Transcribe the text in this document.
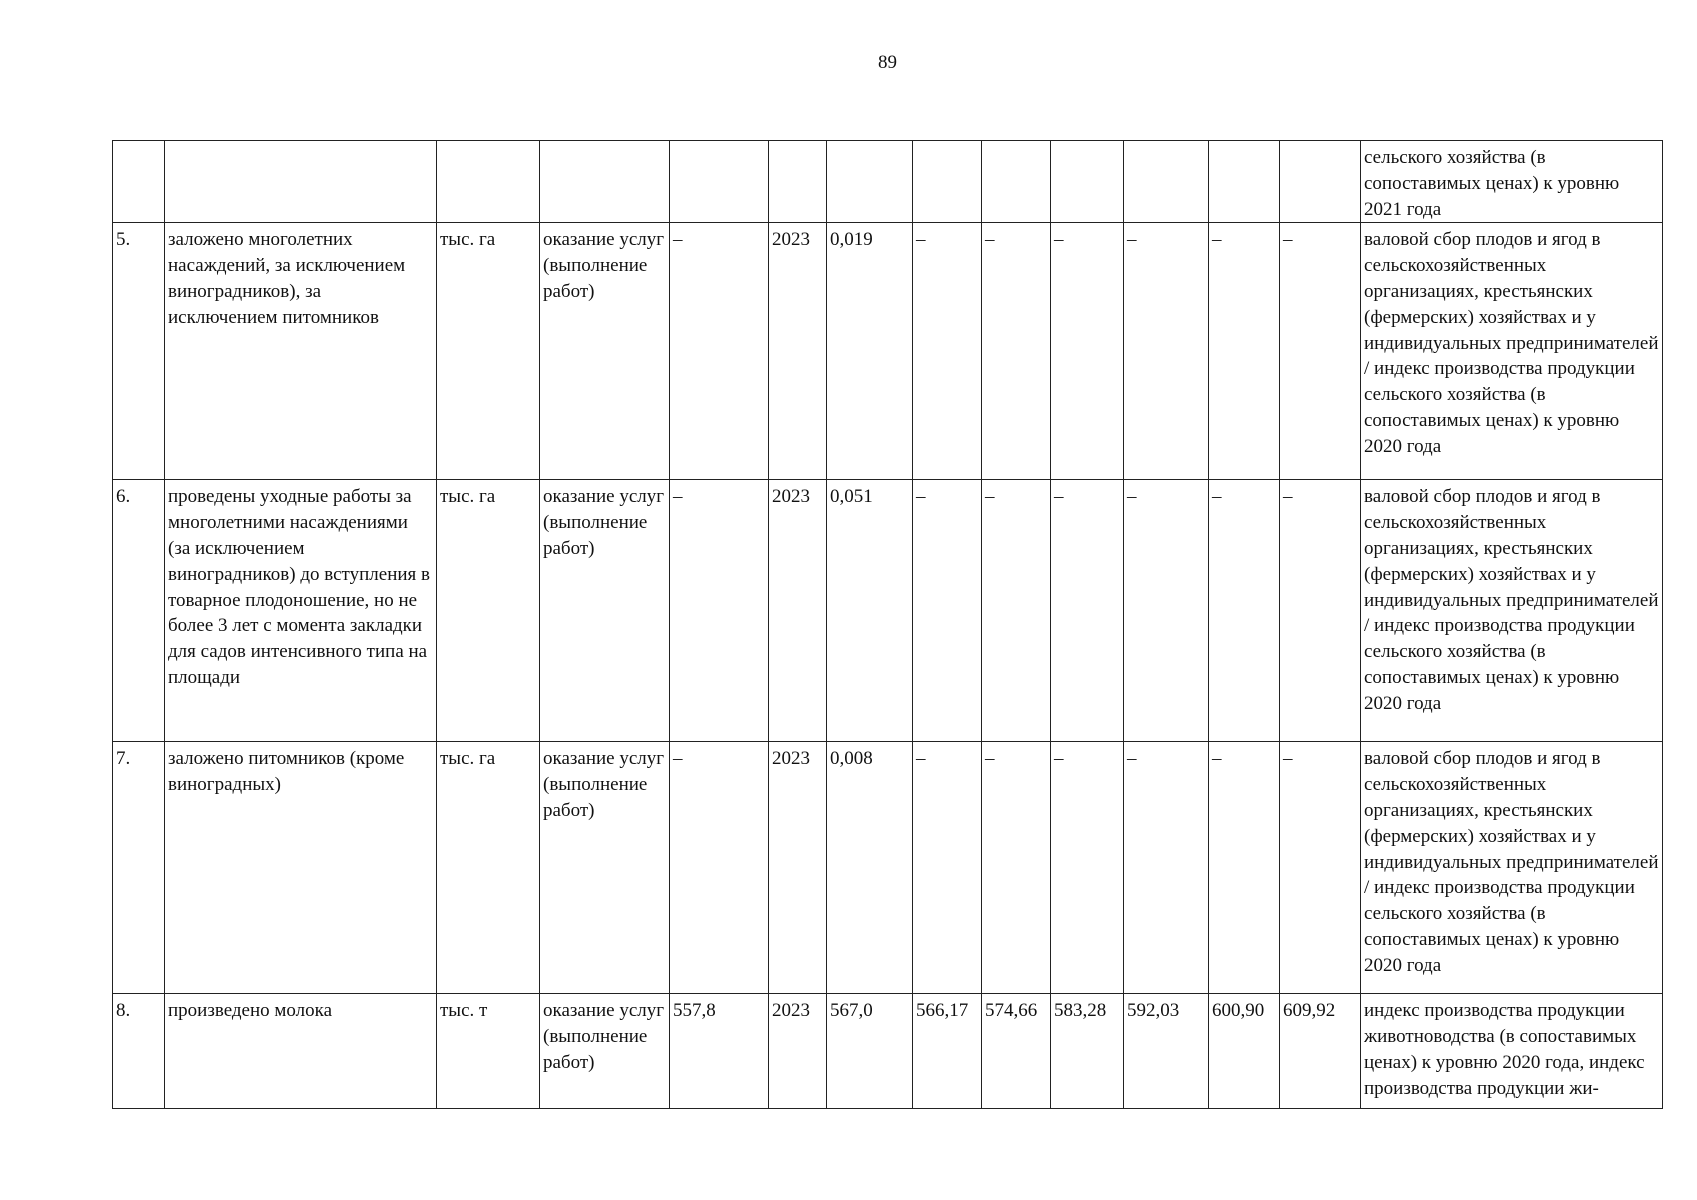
89
													сельского хозяйства (в сопоставимых ценах) к уровню 2021 года
5.	заложено многолетних насаждений, за исключением виноградников), за исключением питомников	тыс. га	оказание услуг (выполнение работ)	–	2023	0,019	–	–	–	–	–	–	валовой сбор плодов и ягод в сельскохозяйственных организациях, крестьянских (фермерских) хозяйствах и у индивидуальных предпринимателей / индекс производства продукции сельского хозяйства (в сопоставимых ценах) к уровню 2020 года
6.	проведены уходные работы за многолетними насаждениями (за исключением виноградников) до вступления в товарное плодоношение, но не более 3 лет с момента закладки для садов интенсивного типа на площади	тыс. га	оказание услуг (выполнение работ)	–	2023	0,051	–	–	–	–	–	–	валовой сбор плодов и ягод в сельскохозяйственных организациях, крестьянских (фермерских) хозяйствах и у индивидуальных предпринимателей / индекс производства продукции сельского хозяйства (в сопоставимых ценах) к уровню 2020 года
7.	заложено питомников (кроме виноградных)	тыс. га	оказание услуг (выполнение работ)	–	2023	0,008	–	–	–	–	–	–	валовой сбор плодов и ягод в сельскохозяйственных организациях, крестьянских (фермерских) хозяйствах и у индивидуальных предпринимателей / индекс производства продукции сельского хозяйства (в сопоставимых ценах) к уровню 2020 года
8.	произведено молока	тыс. т	оказание услуг (выполнение работ)	557,8	2023	567,0	566,17	574,66	583,28	592,03	600,90	609,92	индекс производства продукции животноводства (в сопоставимых ценах) к уровню 2020 года, индекс производства продукции жи-
